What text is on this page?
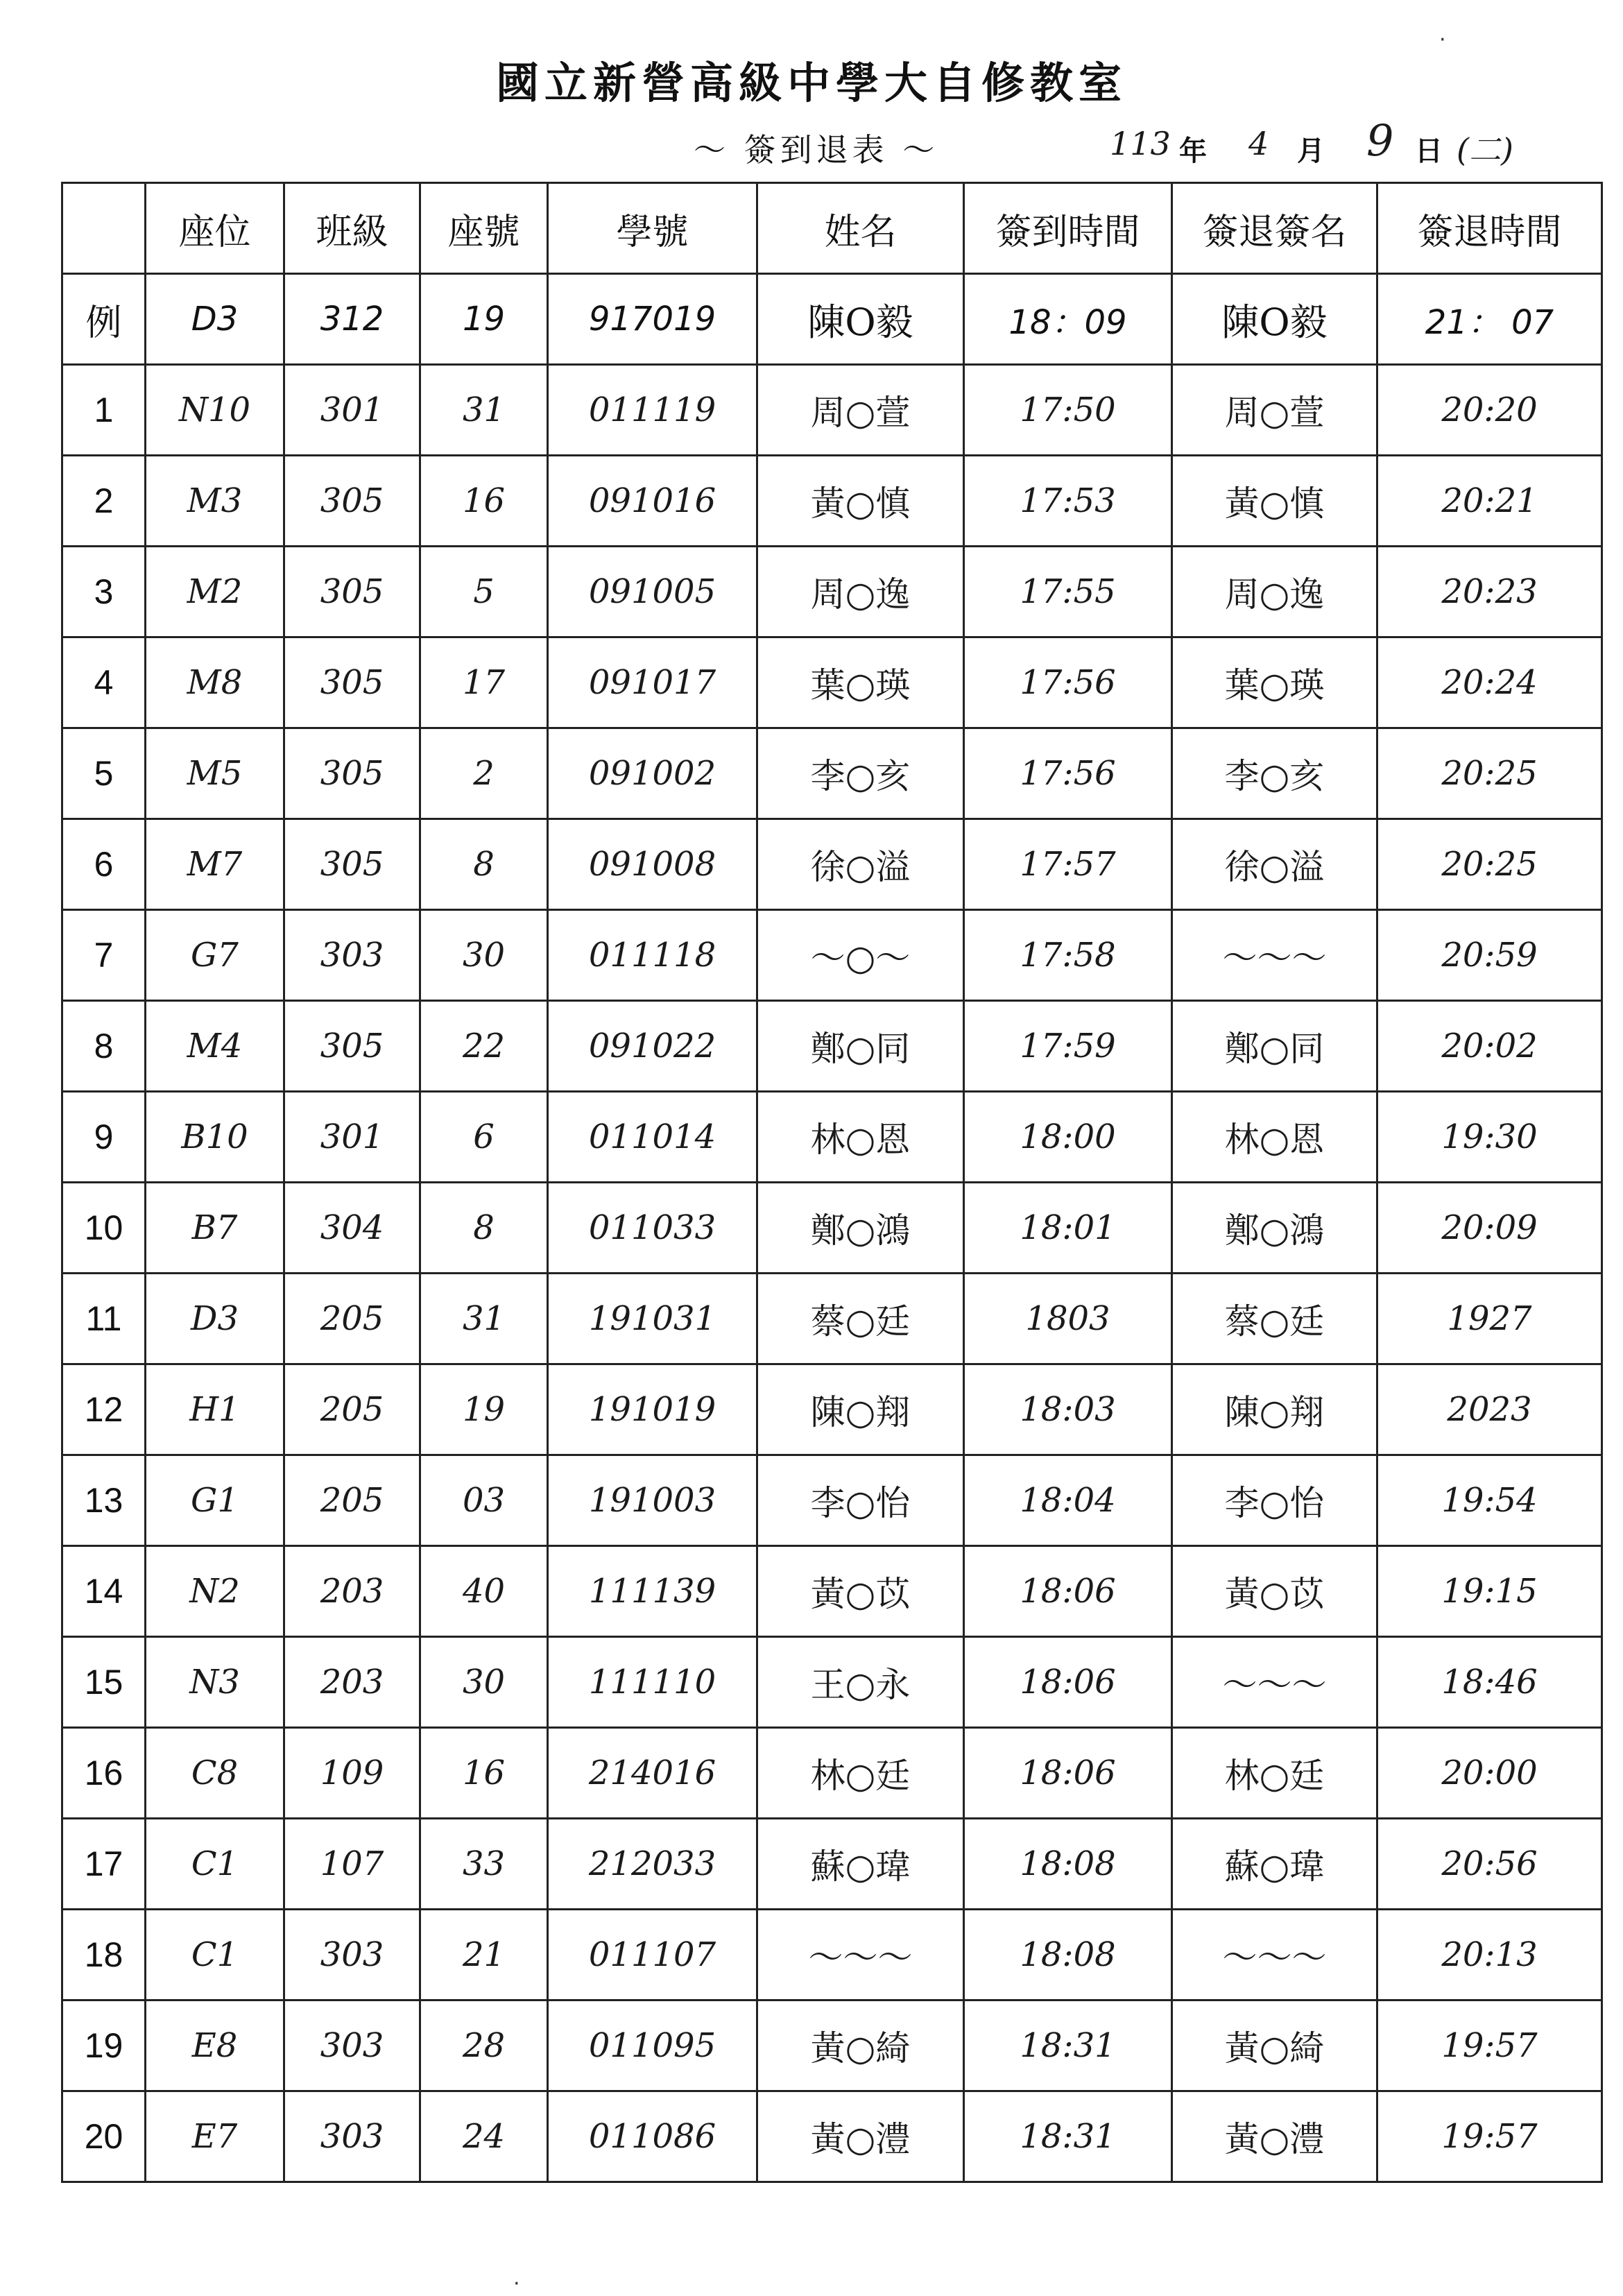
國立新營高級中學大自修教室
～ 簽到退表 ～	113 年 4 月 9 日 (二)
	座位	班級	座號	學號	姓名	簽到時間	簽退簽名	簽退時間
例	D3	312	19	917019	陳Ο毅	18：09	陳Ο毅	21： 07
1	N10	301	31	011119	周○萱	17:50	周○萱	20:20
2	M3	305	16	091016	黃○慎	17:53	黃○慎	20:21
3	M2	305	5	091005	周○逸	17:55	周○逸	20:23
4	M8	305	17	091017	葉○瑛	17:56	葉○瑛	20:24
5	M5	305	2	091002	李○亥	17:56	李○亥	20:25
6	M7	305	8	091008	徐○溢	17:57	徐○溢	20:25
7	G7	303	30	011118	～○～	17:58	～～～	20:59
8	M4	305	22	091022	鄭○同	17:59	鄭○同	20:02
9	B10	301	6	011014	林○恩	18:00	林○恩	19:30
10	B7	304	8	011033	鄭○鴻	18:01	鄭○鴻	20:09
11	D3	205	31	191031	蔡○廷	1803	蔡○廷	1927
12	H1	205	19	191019	陳○翔	18:03	陳○翔	2023
13	G1	205	03	191003	李○怡	18:04	李○怡	19:54
14	N2	203	40	111139	黃○苡	18:06	黃○苡	19:15
15	N3	203	30	111110	王○永	18:06	～～～	18:46
16	C8	109	16	214016	林○廷	18:06	林○廷	20:00
17	C1	107	33	212033	蘇○瑋	18:08	蘇○瑋	20:56
18	C1	303	21	011107	～～～	18:08	～～～	20:13
19	E8	303	28	011095	黃○綺	18:31	黃○綺	19:57
20	E7	303	24	011086	黃○澧	18:31	黃○澧	19:57
·
·
